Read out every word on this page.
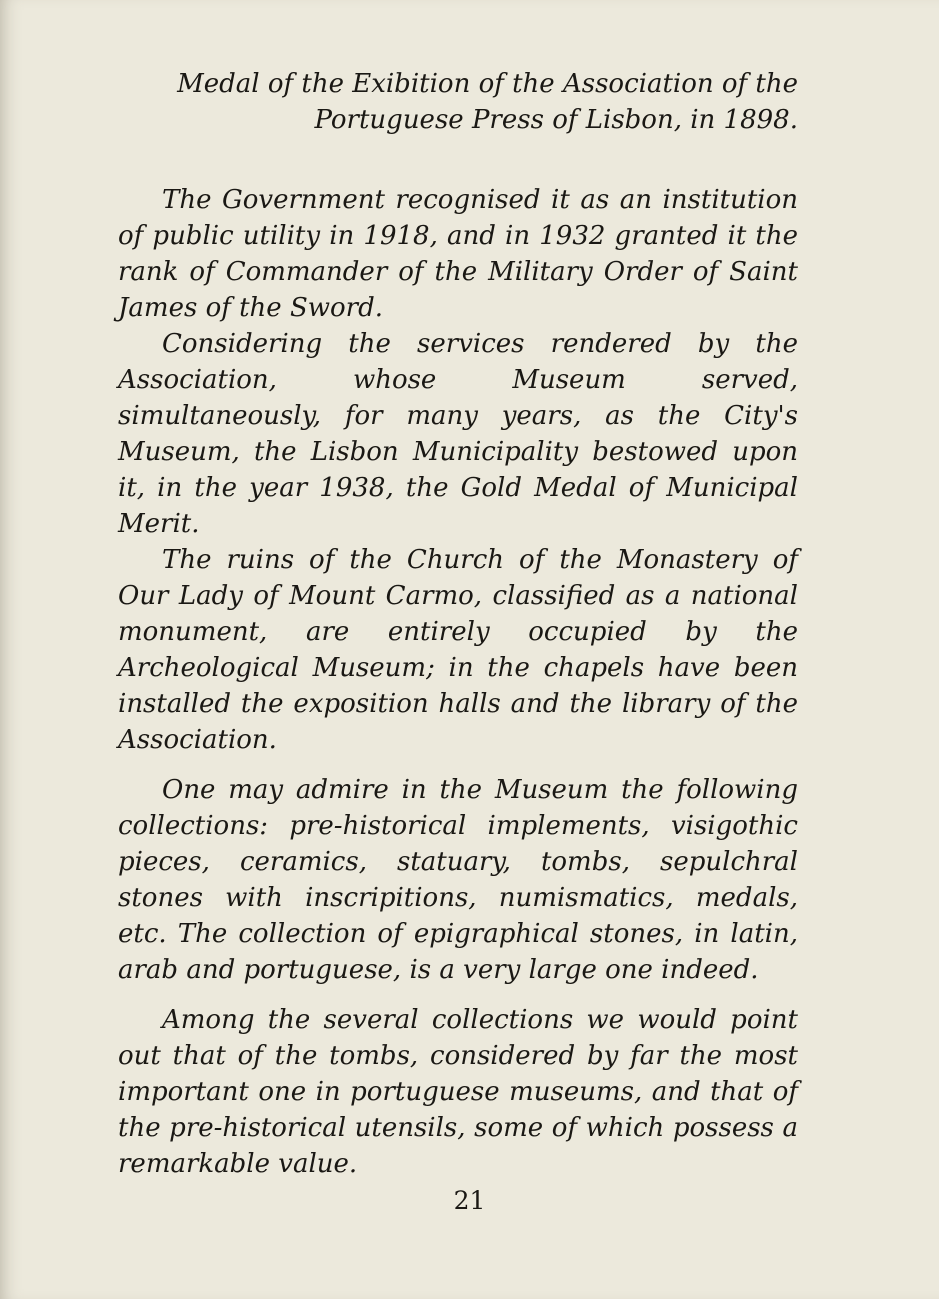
Medal of the Exibition of the Association of the Portuguese Press of Lisbon, in 1898.

The Government recognised it as an institution of public utility in 1918, and in 1932 granted it the rank of Commander of the Military Order of Saint James of the Sword.

Considering the services rendered by the Association, whose Museum served, simultaneously, for many years, as the City's Museum, the Lisbon Municipality bestowed upon it, in the year 1938, the Gold Medal of Municipal Merit.

The ruins of the Church of the Monastery of Our Lady of Mount Carmo, classified as a national monument, are entirely occupied by the Archeological Museum; in the chapels have been installed the exposition halls and the library of the Association.

One may admire in the Museum the following collections: pre-historical implements, visigothic pieces, ceramics, statuary, tombs, sepulchral stones with inscripitions, numismatics, medals, etc. The collection of epigraphical stones, in latin, arab and portuguese, is a very large one indeed.

Among the several collections we would point out that of the tombs, considered by far the most important one in portuguese museums, and that of the pre-historical utensils, some of which possess a remarkable value.

21
